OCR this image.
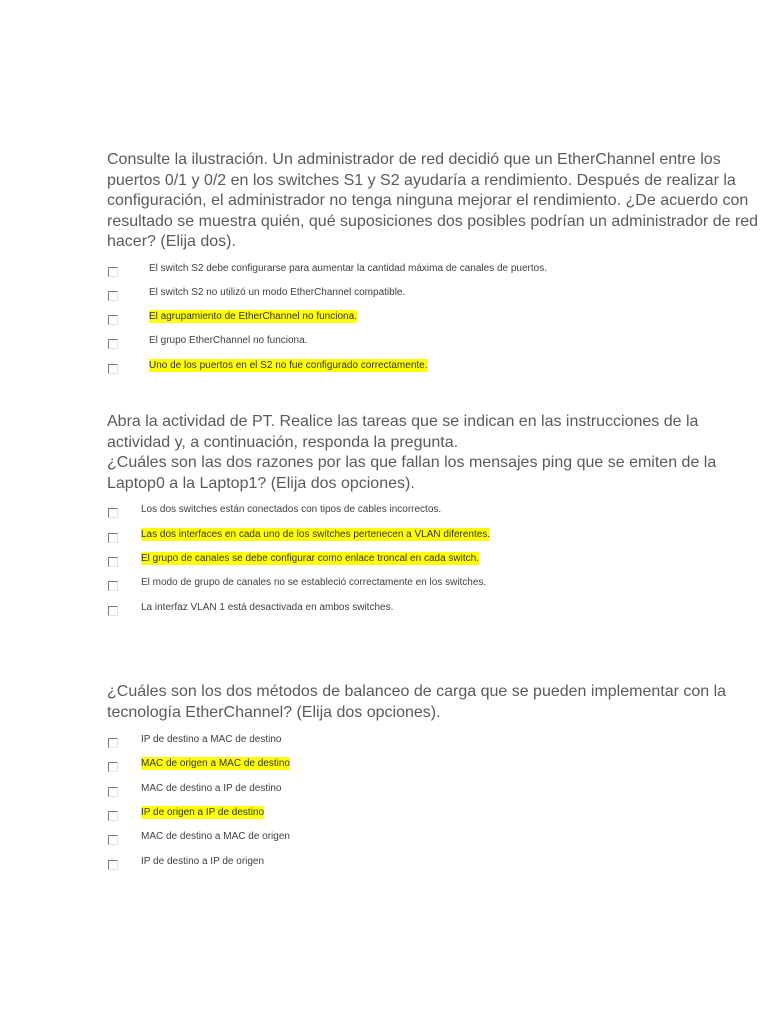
Consulte la ilustración. Un administrador de red decidió que un EtherChannel entre los
puertos 0/1 y 0/2 en los switches S1 y S2 ayudaría a rendimiento. Después de realizar la
configuración, el administrador no tenga ninguna mejorar el rendimiento. ¿De acuerdo con
resultado se muestra quién, qué suposiciones dos posibles podrían un administrador de red
hacer? (Elija dos).
El switch S2 debe configurarse para aumentar la cantidad máxima de canales de puertos.
El switch S2 no utilizó un modo EtherChannel compatible.
El agrupamiento de EtherChannel no funciona.
El grupo EtherChannel no funciona.
Uno de los puertos en el S2 no fue configurado correctamente.
Abra la actividad de PT. Realice las tareas que se indican en las instrucciones de la
actividad y, a continuación, responda la pregunta.
¿Cuáles son las dos razones por las que fallan los mensajes ping que se emiten de la
Laptop0 a la Laptop1? (Elija dos opciones).
Los dos switches están conectados con tipos de cables incorrectos.
Las dos interfaces en cada uno de los switches pertenecen a VLAN diferentes.
El grupo de canales se debe configurar como enlace troncal en cada switch.
El modo de grupo de canales no se estableció correctamente en los switches.
La interfaz VLAN 1 está desactivada en ambos switches.
¿Cuáles son los dos métodos de balanceo de carga que se pueden implementar con la
tecnología EtherChannel? (Elija dos opciones).
IP de destino a MAC de destino
MAC de origen a MAC de destino
MAC de destino a IP de destino
IP de origen a IP de destino
MAC de destino a MAC de origen
IP de destino a IP de origen
